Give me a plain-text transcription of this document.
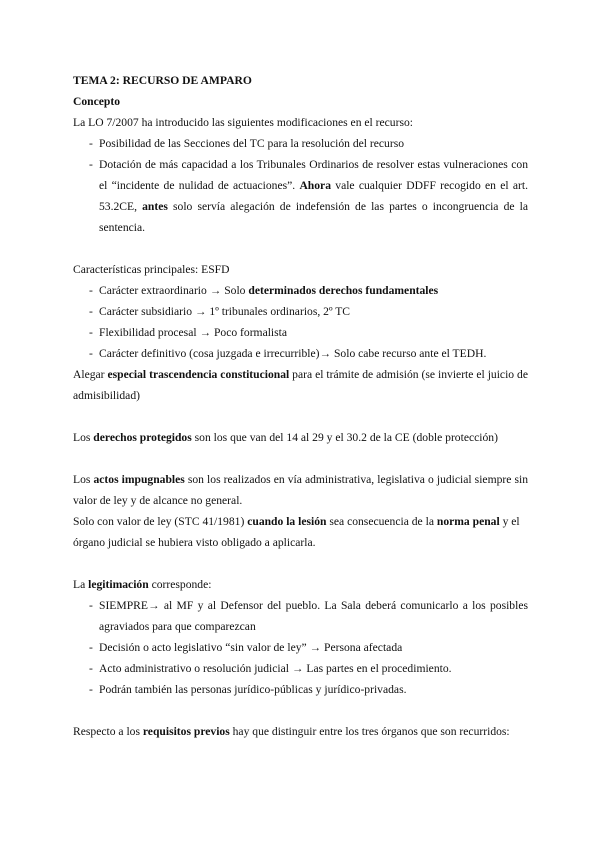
TEMA 2: RECURSO DE AMPARO

Concepto

La LO 7/2007 ha introducido las siguientes modificaciones en el recurso:

- Posibilidad de las Secciones del TC para la resolución del recurso
- Dotación de más capacidad a los Tribunales Ordinarios de resolver estas vulneraciones con el “incidente de nulidad de actuaciones”. Ahora vale cualquier DDFF recogido en el art. 53.2CE, antes solo servía alegación de indefensión de las partes o incongruencia de la sentencia.

Características principales: ESFD

- Carácter extraordinario → Solo determinados derechos fundamentales
- Carácter subsidiario → 1º tribunales ordinarios, 2º TC
- Flexibilidad procesal → Poco formalista
- Carácter definitivo (cosa juzgada e irrecurrible)→ Solo cabe recurso ante el TEDH.

Alegar especial trascendencia constitucional para el trámite de admisión (se invierte el juicio de admisibilidad)

Los derechos protegidos son los que van del 14 al 29 y el 30.2 de la CE (doble protección)

Los actos impugnables son los realizados en vía administrativa, legislativa o judicial siempre sin valor de ley y de alcance no general.

Solo con valor de ley (STC 41/1981) cuando la lesión sea consecuencia de la norma penal y el órgano judicial se hubiera visto obligado a aplicarla.

La legitimación corresponde:

- SIEMPRE→ al MF y al Defensor del pueblo. La Sala deberá comunicarlo a los posibles agraviados para que comparezcan
- Decisión o acto legislativo “sin valor de ley” → Persona afectada
- Acto administrativo o resolución judicial → Las partes en el procedimiento.
- Podrán también las personas jurídico-públicas y jurídico-privadas.

Respecto a los requisitos previos hay que distinguir entre los tres órganos que son recurridos:
